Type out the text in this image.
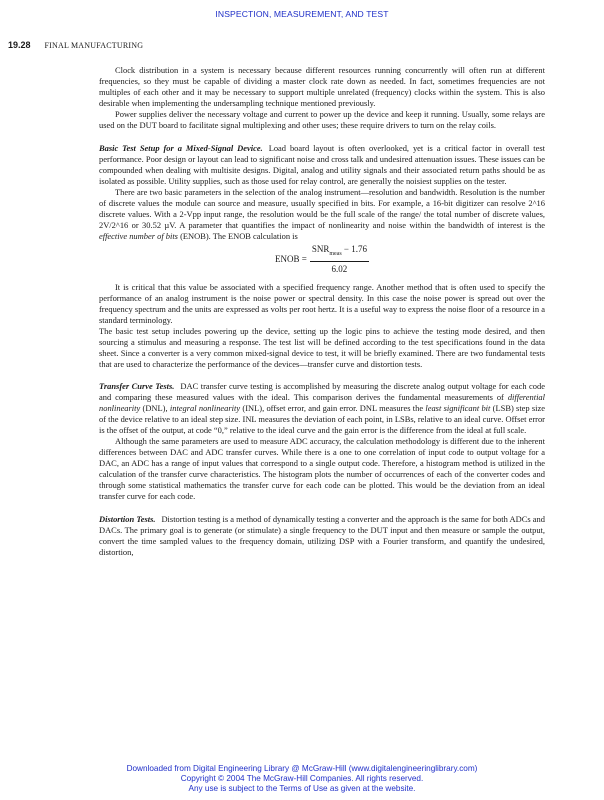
INSPECTION, MEASUREMENT, AND TEST
19.28 FINAL MANUFACTURING

Clock distribution in a system is necessary because different resources running concurrently will often run at different frequencies, so they must be capable of dividing a master clock rate down as needed. In fact, sometimes frequencies are not multiples of each other and it may be necessary to support multiple unrelated (frequency) clocks within the system. This is also desirable when implementing the undersampling technique mentioned previously.

Power supplies deliver the necessary voltage and current to power up the device and keep it running. Usually, some relays are used on the DUT board to facilitate signal multiplexing and other uses; these require drivers to turn on the relay coils.

Basic Test Setup for a Mixed-Signal Device. Load board layout is often overlooked, yet is a critical factor in overall test performance. Poor design or layout can lead to significant noise and cross talk and undesired attenuation issues. These issues can be compounded when dealing with multisite designs. Digital, analog and utility signals and their associated return paths should be as isolated as possible. Utility supplies, such as those used for relay control, are generally the noisiest supplies on the tester.

There are two basic parameters in the selection of the analog instrument—resolution and bandwidth. Resolution is the number of discrete values the module can source and measure, usually specified in bits. For example, a 16-bit digitizer can resolve 2^16 discrete values. With a 2-Vpp input range, the resolution would be the full scale of the range/ the total number of discrete values, 2V/2^16 or 30.52 µV. A parameter that quantifies the impact of nonlinearity and noise within the bandwidth of interest is the effective number of bits (ENOB). The ENOB calculation is

ENOB = $\frac{SNR_{meas} - 1.76}{6.02}$

It is critical that this value be associated with a specified frequency range. Another method that is often used to specify the performance of an analog instrument is the noise power or spectral density. In this case the noise power is spread out over the frequency spectrum and the units are expressed as volts per root hertz. It is a useful way to express the noise floor of a resource in a standard terminology.

The basic test setup includes powering up the device, setting up the logic pins to achieve the testing mode desired, and then sourcing a stimulus and measuring a response. The test list will be defined according to the test specifications found in the data sheet. Since a converter is a very common mixed-signal device to test, it will be briefly examined. There are two fundamental tests that are used to characterize the performance of the devices—transfer curve and distortion tests.

Transfer Curve Tests. DAC transfer curve testing is accomplished by measuring the discrete analog output voltage for each code and comparing these measured values with the ideal. This comparison derives the fundamental measurements of differential nonlinearity (DNL), integral nonlinearity (INL), offset error, and gain error. DNL measures the least significant bit (LSB) step size of the device relative to an ideal step size. INL measures the deviation of each point, in LSBs, relative to an ideal curve. Offset error is the offset of the output, at code “0,” relative to the ideal curve and the gain error is the difference from the ideal at full scale.

Although the same parameters are used to measure ADC accuracy, the calculation methodology is different due to the inherent differences between DAC and ADC transfer curves. While there is a one to one correlation of input code to output voltage for a DAC, an ADC has a range of input values that correspond to a single output code. Therefore, a histogram method is utilized in the calculation of the transfer curve characteristics. The histogram plots the number of occurrences of each of the converter codes and through some statistical mathematics the transfer curve for each code can be plotted. This would be the deviation from an ideal transfer curve for each code.

Distortion Tests. Distortion testing is a method of dynamically testing a converter and the approach is the same for both ADCs and DACs. The primary goal is to generate (or stimulate) a single frequency to the DUT input and then measure or sample the output, convert the time sampled values to the frequency domain, utilizing DSP with a Fourier transform, and quantify the undesired, distortion,

Downloaded from Digital Engineering Library @ McGraw-Hill (www.digitalengineeringlibrary.com)
Copyright © 2004 The McGraw-Hill Companies. All rights reserved.
Any use is subject to the Terms of Use as given at the website.
